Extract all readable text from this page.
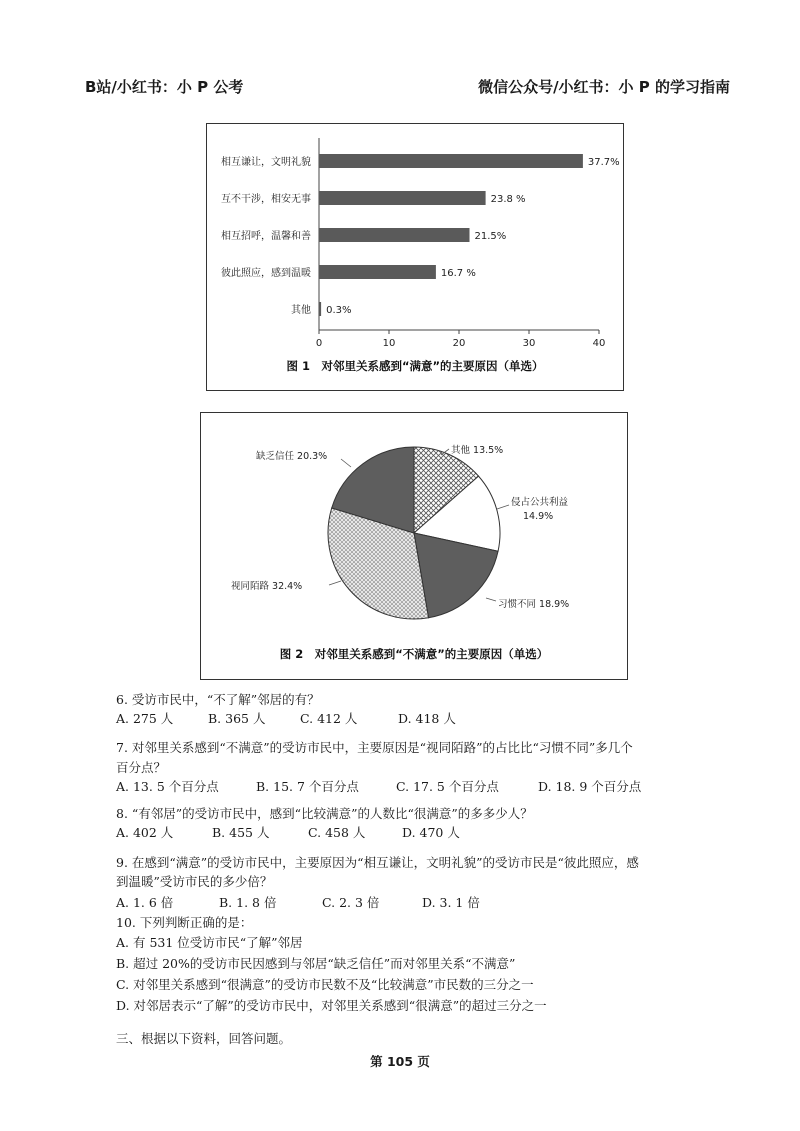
B站/小红书：小 P 公考	微信公众号/小红书：小 P 的学习指南
0	10	20	30	40
相互谦让，文明礼貌	37.7%
互不干涉，相安无事	23.8 %
相互招呼，温馨和善	21.5%
彼此照应，感到温暖	16.7 %
其他 0.3%
图 1　对邻里关系感到“满意”的主要原因（单选）
其他 13.5%
侵占公共利益
14.9%
习惯不同 18.9%
视同陌路 32.4%
缺乏信任 20.3%
图 2　对邻里关系感到“不满意”的主要原因（单选）
6. 受访市民中，“不了解”邻居的有？
A. 275 人	B. 365 人	C. 412 人	D. 418 人
7. 对邻里关系感到“不满意”的受访市民中，主要原因是“视同陌路”的占比比“习惯不同”多几个
百分点？
A. 13. 5 个百分点	B. 15. 7 个百分点	C. 17. 5 个百分点	D. 18. 9 个百分点
8. “有邻居”的受访市民中，感到“比较满意”的人数比“很满意”的多多少人？
A. 402 人	B. 455 人	C. 458 人	D. 470 人
9. 在感到“满意”的受访市民中，主要原因为“相互谦让，文明礼貌”的受访市民是“彼此照应，感
到温暖”受访市民的多少倍？
A. 1. 6 倍	B. 1. 8 倍	C. 2. 3 倍	D. 3. 1 倍
10. 下列判断正确的是：
A. 有 531 位受访市民“了解”邻居
B. 超过 20%的受访市民因感到与邻居“缺乏信任”而对邻里关系“不满意”
C. 对邻里关系感到“很满意”的受访市民数不及“比较满意”市民数的三分之一
D. 对邻居表示“了解”的受访市民中，对邻里关系感到“很满意”的超过三分之一
三、根据以下资料，回答问题。
第 105 页
